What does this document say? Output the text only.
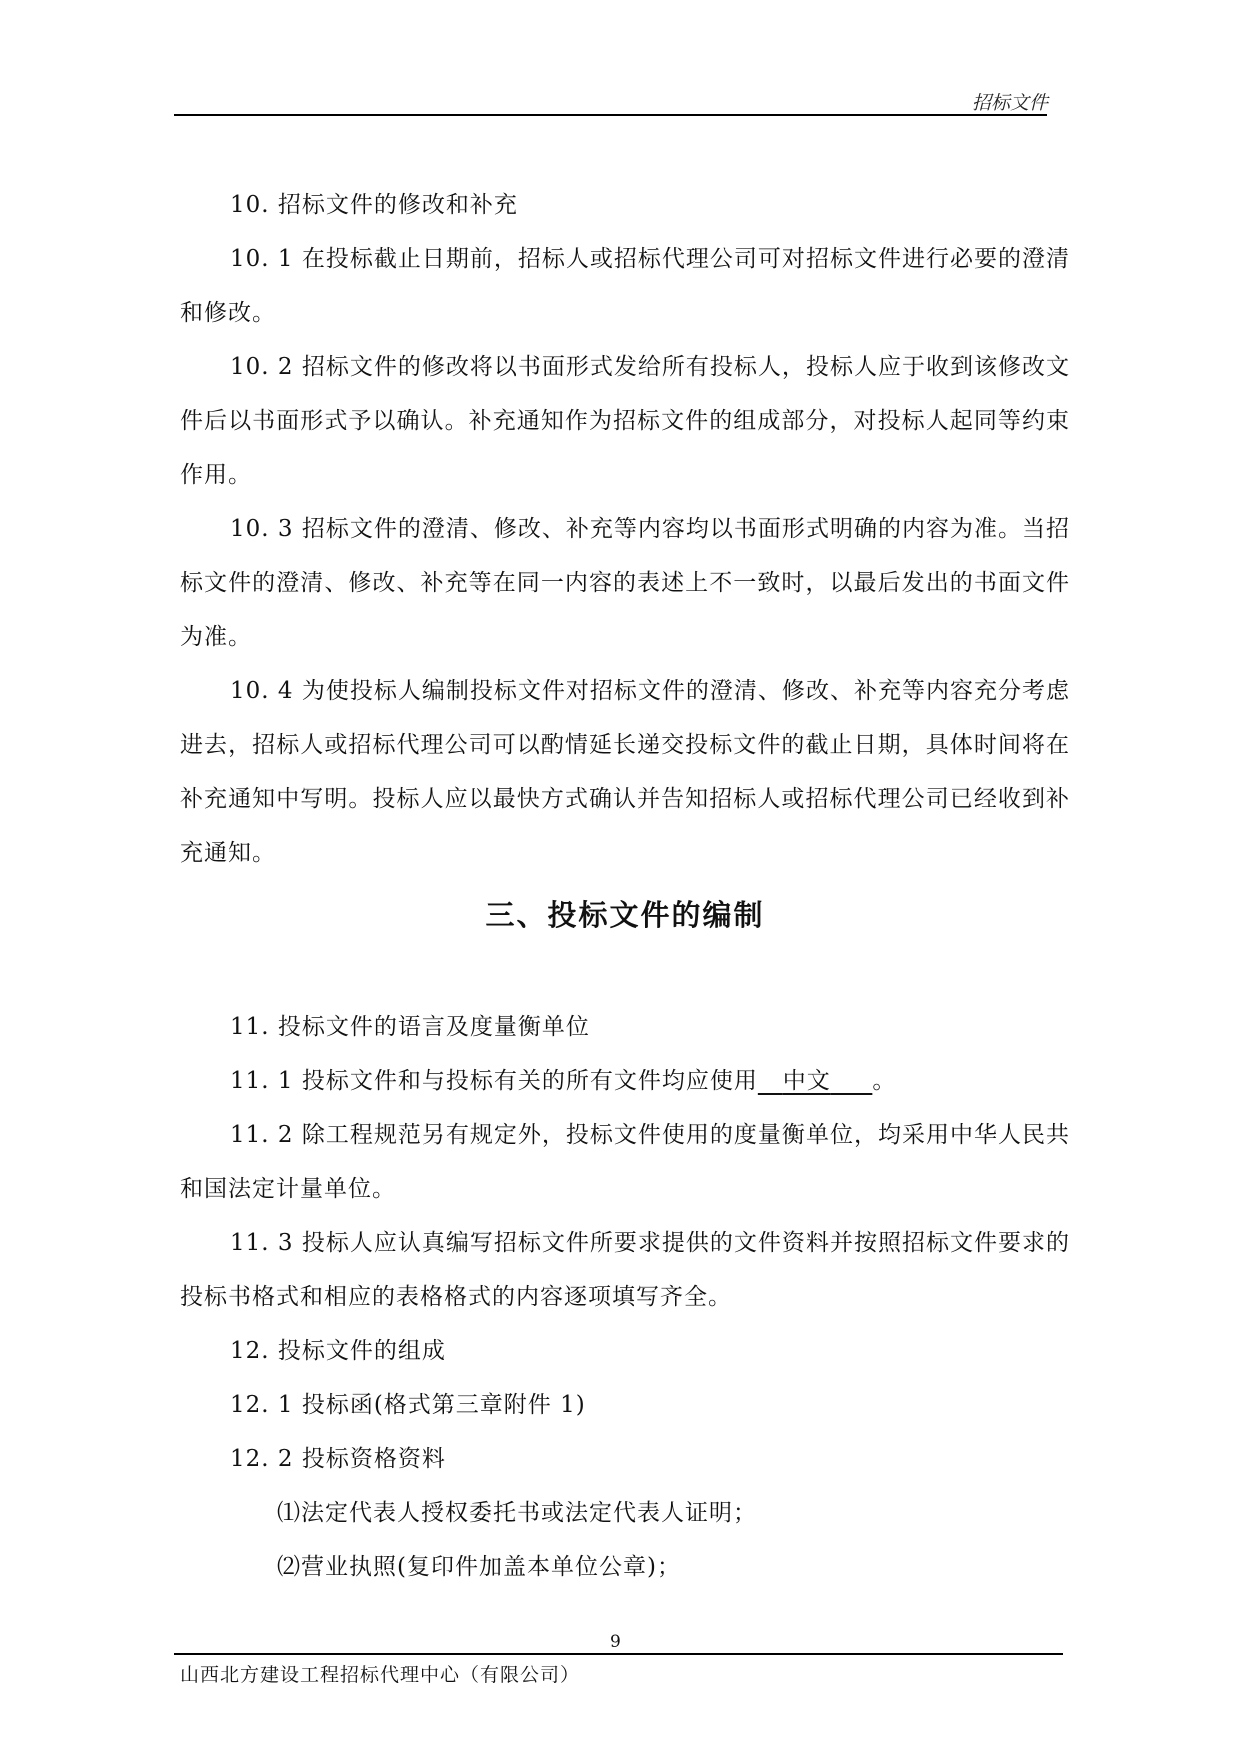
招标文件

10. 招标文件的修改和补充

10. 1 在投标截止日期前，招标人或招标代理公司可对招标文件进行必要的澄清和修改。

10. 2 招标文件的修改将以书面形式发给所有投标人，投标人应于收到该修改文件后以书面形式予以确认。补充通知作为招标文件的组成部分，对投标人起同等约束作用。

10. 3 招标文件的澄清、修改、补充等内容均以书面形式明确的内容为准。当招标文件的澄清、修改、补充等在同一内容的表述上不一致时，以最后发出的书面文件为准。

10. 4 为使投标人编制投标文件对招标文件的澄清、修改、补充等内容充分考虑进去，招标人或招标代理公司可以酌情延长递交投标文件的截止日期，具体时间将在补充通知中写明。投标人应以最快方式确认并告知招标人或招标代理公司已经收到补充通知。

三、投标文件的编制

11. 投标文件的语言及度量衡单位

11. 1 投标文件和与投标有关的所有文件均应使用 中文 。

11. 2 除工程规范另有规定外，投标文件使用的度量衡单位，均采用中华人民共和国法定计量单位。

11. 3 投标人应认真编写招标文件所要求提供的文件资料并按照招标文件要求的投标书格式和相应的表格格式的内容逐项填写齐全。

12. 投标文件的组成

12. 1 投标函(格式第三章附件 1)

12. 2 投标资格资料

⑴法定代表人授权委托书或法定代表人证明；

⑵营业执照(复印件加盖本单位公章)；

9
山西北方建设工程招标代理中心（有限公司）
